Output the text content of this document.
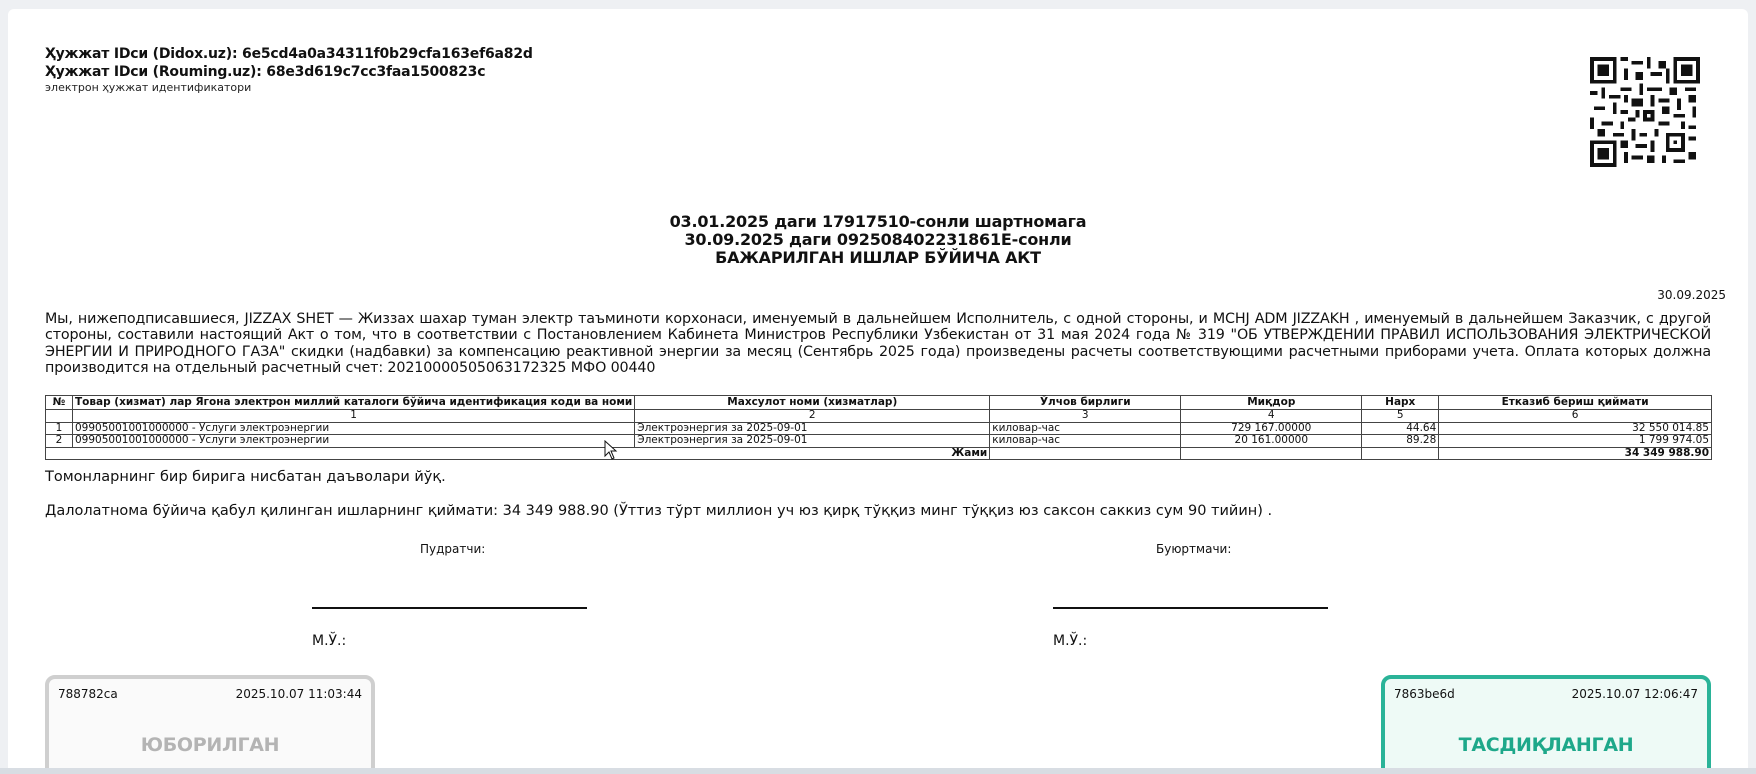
Ҳужжат IDси (Didox.uz): 6e5cd4a0a34311f0b29cfa163ef6a82d
Ҳужжат IDси (Rouming.uz): 68e3d619c7cc3faa1500823c
электрон ҳужжат идентификатори
03.01.2025 даги 17917510-сонли шартномага
30.09.2025 даги 09250840223186​1E-сонли
БАЖАРИЛГАН ИШЛАР БЎЙИЧА АКТ
30.09.2025
Мы, нижеподписавшиеся, JIZZAX SHET — Жиззах шахар туман электр таъминоти корхонаси, именуемый в дальнейшем Исполнитель, с одной стороны, и MCHJ ADM JIZZAKH , именуемый в дальнейшем Заказчик, с другой стороны, составили настоящий Акт о том, что в соответствии с Постановлением Кабинета Министров Республики Узбекистан от 31 мая 2024 года № 319 "ОБ УТВЕРЖДЕНИИ ПРАВИЛ ИСПОЛЬЗОВАНИЯ ЭЛЕКТРИЧЕСКОЙ ЭНЕРГИИ И ПРИРОДНОГО ГАЗА" скидки (надбавки) за компенсацию реактивной энергии за месяц (Сентябрь 2025 года) произведены расчеты соответствующими расчетными приборами учета. Оплата которых должна производится на отдельный расчетный счет: 20210000505063172325 МФО 00440
№	Товар (хизмат) лар Ягона электрон миллий каталоги бўйича идентификация коди ва номи	Махсулот номи (хизматлар)	Ўлчов бирлиги	Миқдор	Нарх	Етказиб бериш қиймати
	1	2	3	4	5	6
1	09905001001000000 - Услуги электроэнергии	Электроэнергия за 2025-09-01	киловар-час	729 167.00000	44.64	32 550 014.85
2	09905001001000000 - Услуги электроэнергии	Электроэнергия за 2025-09-01	киловар-час	20 161.00000	89.28	1 799 974.05
Жами						34 349 988.90
Томонларнинг бир бирига нисбатан даъволари йўқ.
Далолатнома бўйича қабул қилинган ишларнинг қиймати: 34 349 988.90 (Ўттиз тўрт миллион уч юз қирқ тўққиз минг тўққиз юз саксон саккиз сум 90 тийин) .
Пудратчи:	Буюртмачи:
М.Ў.:	М.Ў.:
788782ca	2025.10.07 11:03:44
ЮБОРИЛГАН
7863be6d	2025.10.07 12:06:47
ТАСДИҚЛАНГАН
